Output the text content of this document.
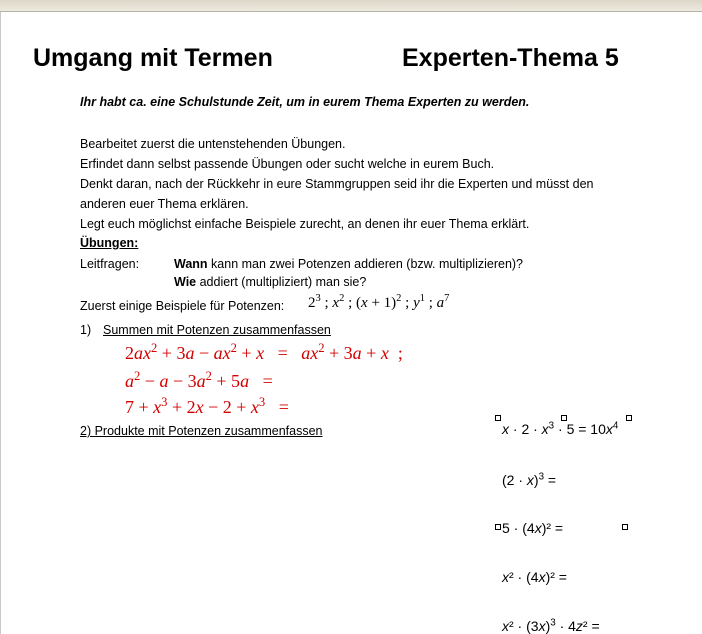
Umgang mit Termen	Experten-Thema 5
Ihr habt ca. eine Schulstunde Zeit, um in eurem Thema Experten zu werden.
Bearbeitet zuerst die untenstehenden Übungen.
Erfindet dann selbst passende Übungen oder sucht welche in eurem Buch.
Denkt daran, nach der Rückkehr in eure Stammgruppen seid ihr die Experten und müsst den
anderen euer Thema erklären.
Legt euch möglichst einfache Beispiele zurecht, an denen ihr euer Thema erklärt.
Übungen:
Leitfragen:	Wann kann man zwei Potenzen addieren (bzw. multiplizieren)?
Wie addiert (multipliziert) man sie?
Zuerst einige Beispiele für Potenzen: $2^3$ ; $x^2$ ; $(x + 1)^2$ ; $y^1$ ; $a^7$
1) Summen mit Potenzen zusammenfassen
$2ax^2 + 3a - ax^2 + x = ax^2 + 3a + x$  ;
$a^2 - a - 3a^2 + 5a$   =
$7 + x^3 + 2x - 2 + x^3$   =
2) Produkte mit Potenzen zusammenfassen	$x \cdot 2 \cdot x^3 \cdot 5 = 10x^4$
$(2 \cdot x)^3$ =
5 · (4x)² =
x² · (4x)² =
$x^2 \cdot (3x)^3 \cdot 4z^2$ =
